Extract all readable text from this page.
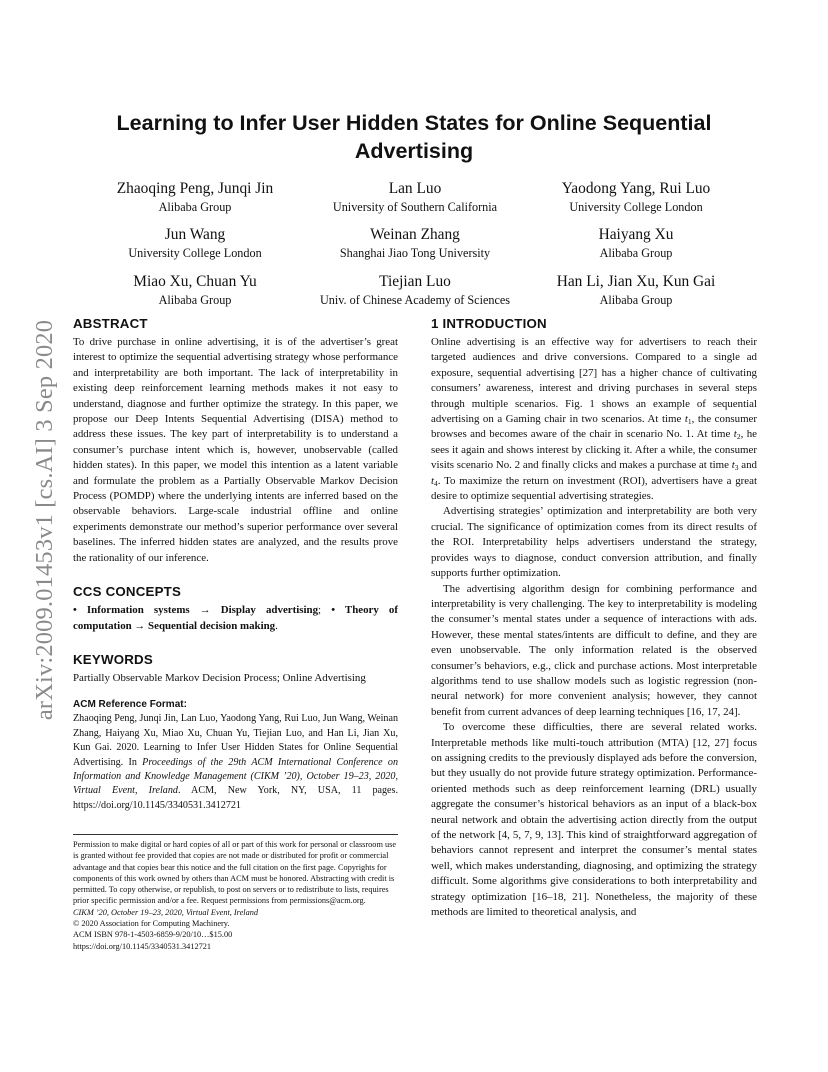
arXiv:2009.01453v1 [cs.AI] 3 Sep 2020
Learning to Infer User Hidden States for Online Sequential Advertising
Zhaoqing Peng, Junqi Jin
Alibaba Group
Lan Luo
University of Southern California
Yaodong Yang, Rui Luo
University College London
Jun Wang
University College London
Weinan Zhang
Shanghai Jiao Tong University
Haiyang Xu
Alibaba Group
Miao Xu, Chuan Yu
Alibaba Group
Tiejian Luo
Univ. of Chinese Academy of Sciences
Han Li, Jian Xu, Kun Gai
Alibaba Group
ABSTRACT

To drive purchase in online advertising, it is of the advertiser’s great interest to optimize the sequential advertising strategy whose performance and interpretability are both important. The lack of interpretability in existing deep reinforcement learning methods makes it not easy to understand, diagnose and further optimize the strategy. In this paper, we propose our Deep Intents Sequential Advertising (DISA) method to address these issues. The key part of interpretability is to understand a consumer’s purchase intent which is, however, unobservable (called hidden states). In this paper, we model this intention as a latent variable and formulate the problem as a Partially Observable Markov Decision Process (POMDP) where the underlying intents are inferred based on the observable behaviors. Large-scale industrial offline and online experiments demonstrate our method’s superior performance over several baselines. The inferred hidden states are analyzed, and the results prove the rationality of our inference.

CCS CONCEPTS

• Information systems → Display advertising; • Theory of computation → Sequential decision making.

KEYWORDS

Partially Observable Markov Decision Process; Online Advertising

ACM Reference Format:

Zhaoqing Peng, Junqi Jin, Lan Luo, Yaodong Yang, Rui Luo, Jun Wang, Weinan Zhang, Haiyang Xu, Miao Xu, Chuan Yu, Tiejian Luo, and Han Li, Jian Xu, Kun Gai. 2020. Learning to Infer User Hidden States for Online Sequential Advertising. In Proceedings of the 29th ACM International Conference on Information and Knowledge Management (CIKM ’20), October 19–23, 2020, Virtual Event, Ireland. ACM, New York, NY, USA, 11 pages. https://doi.org/10.1145/3340531.3412721

Permission to make digital or hard copies of all or part of this work for personal or classroom use is granted without fee provided that copies are not made or distributed for profit or commercial advantage and that copies bear this notice and the full citation on the first page. Copyrights for components of this work owned by others than ACM must be honored. Abstracting with credit is permitted. To copy otherwise, or republish, to post on servers or to redistribute to lists, requires prior specific permission and/or a fee. Request permissions from permissions@acm.org.

CIKM ’20, October 19–23, 2020, Virtual Event, Ireland

© 2020 Association for Computing Machinery.

ACM ISBN 978-1-4503-6859-9/20/10…$15.00

https://doi.org/10.1145/3340531.3412721

1 INTRODUCTION

Online advertising is an effective way for advertisers to reach their targeted audiences and drive conversions. Compared to a single ad exposure, sequential advertising [27] has a higher chance of cultivating consumers’ awareness, interest and driving purchases in several steps through multiple scenarios. Fig. 1 shows an example of sequential advertising on a Gaming chair in two scenarios. At time $t_1$, the consumer browses and becomes aware of the chair in scenario No. 1. At time $t_2$, he sees it again and shows interest by clicking it. After a while, the consumer visits scenario No. 2 and finally clicks and makes a purchase at time $t_3$ and $t_4$. To maximize the return on investment (ROI), advertisers have a great desire to optimize sequential advertising strategies.

Advertising strategies’ optimization and interpretability are both very crucial. The significance of optimization comes from its direct results of the ROI. Interpretability helps advertisers understand the strategy, provides ways to diagnose, conduct conversion attribution, and finally supports further optimization.

The advertising algorithm design for combining performance and interpretability is very challenging. The key to interpretability is modeling the consumer’s mental states under a sequence of interactions with ads. However, these mental states/intents are difficult to define, and they are even unobservable. The only information related is the observed consumer’s behaviors, e.g., click and purchase actions. Most interpretable algorithms tend to use shallow models such as logistic regression (non-neural network) for more convenient analysis; however, they cannot benefit from current advances of deep learning techniques [16, 17, 24].

To overcome these difficulties, there are several related works. Interpretable methods like multi-touch attribution (MTA) [12, 27] focus on assigning credits to the previously displayed ads before the conversion, but they usually do not provide future strategy optimization. Performance-oriented methods such as deep reinforcement learning (DRL) usually aggregate the consumer’s historical behaviors as an input of a black-box neural network and obtain the advertising action directly from the output of the network [4, 5, 7, 9, 13]. This kind of straightforward aggregation of behaviors cannot represent and interpret the consumer’s mental states well, which makes understanding, diagnosing, and optimizing the strategy difficult. Some algorithms give considerations to both interpretability and strategy optimization [16–18, 21]. Nonetheless, the majority of these methods are limited to theoretical analysis, and
